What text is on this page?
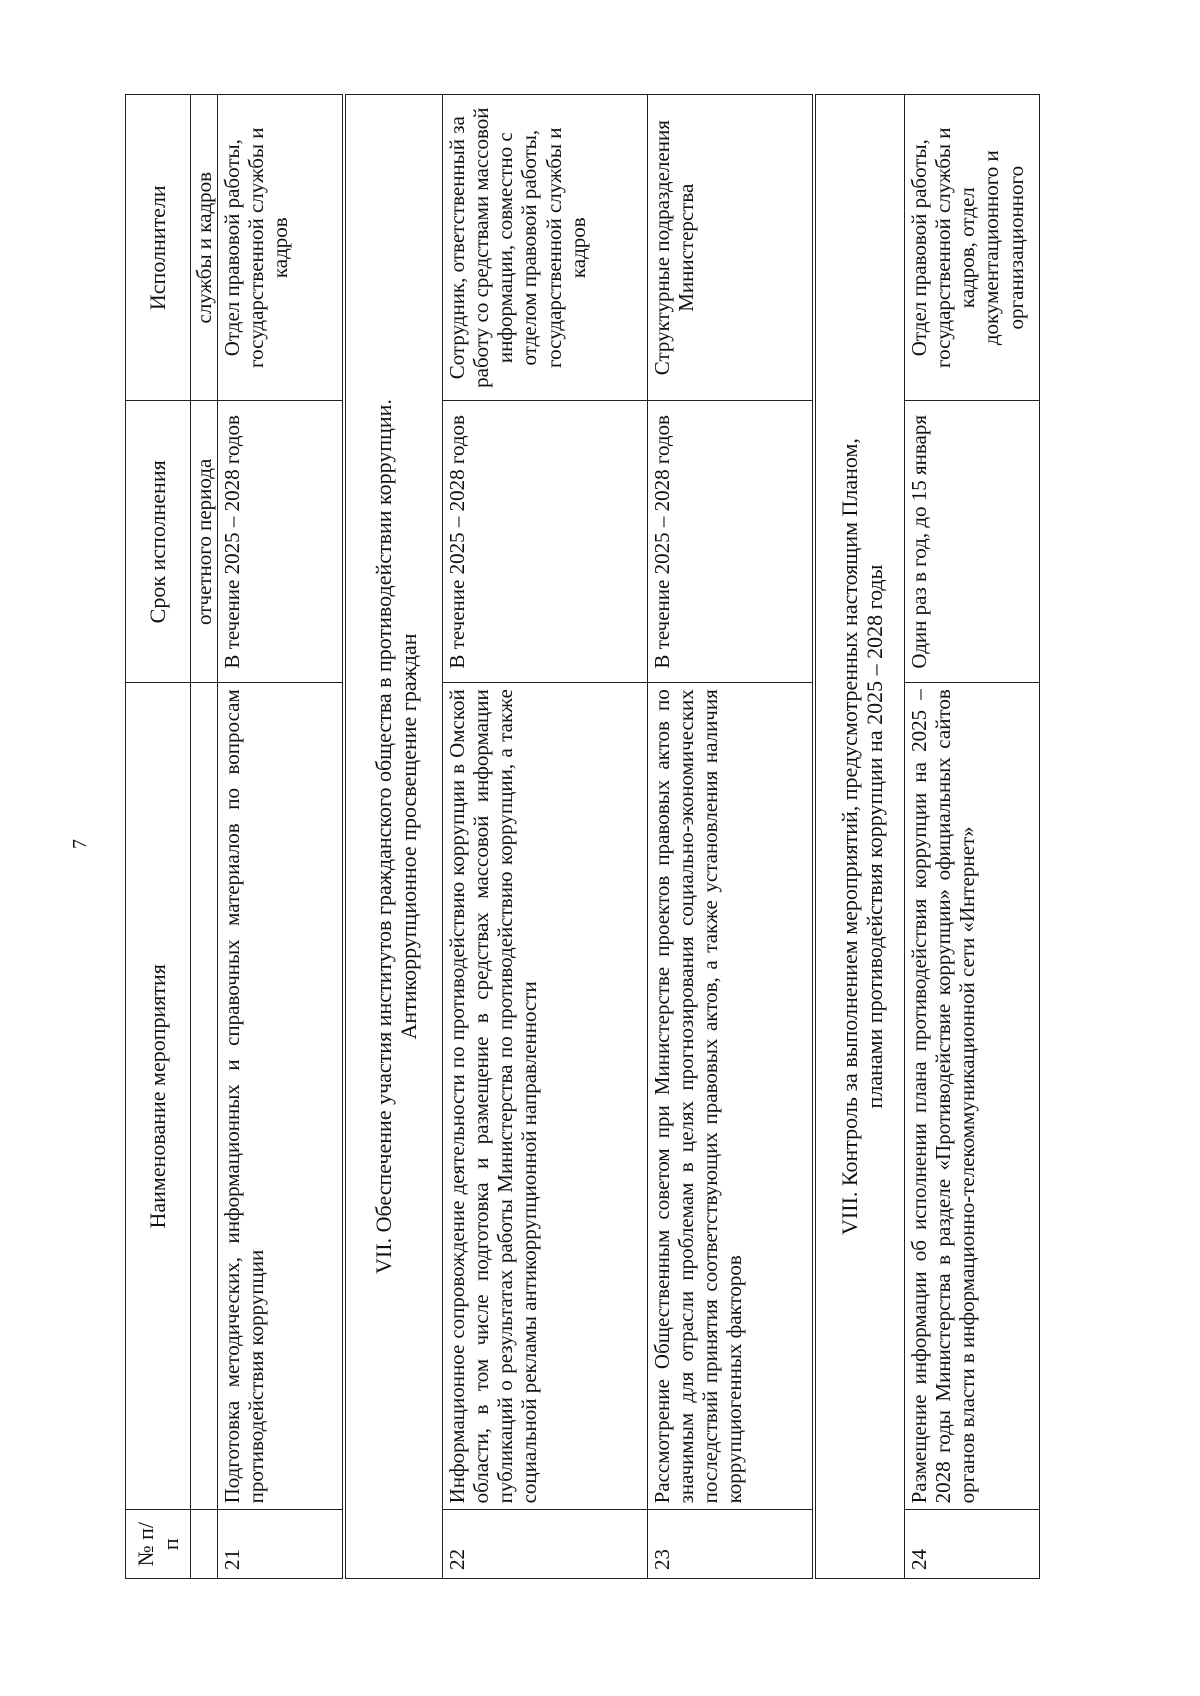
7
№ п/п	Наименование мероприятия	Срок исполнения	Исполнители
		отчетного периода	службы и кадров
21	Подготовка методических, информационных и справочных материалов по вопросам противодействия коррупции	В течение 2025 – 2028 годов	Отдел правовой работы, государственной службы и кадров

VII. Обеспечение участия институтов гражданского общества в противодействии коррупции. Антикоррупционное просвещение граждан			

22	Информационное сопровождение деятельности по противодействию коррупции в Омской области, в том числе подготовка и размещение в средствах массовой информации публикаций о результатах работы Министерства по противодействию коррупции, а также социальной рекламы антикоррупционной направленности	В течение 2025 – 2028 годов	Сотрудник, ответственный за работу со средствами массовой информации, совместно с отделом правовой работы, государственной службы и кадров
23	Рассмотрение Общественным советом при Министерстве проектов правовых актов по значимым для отрасли проблемам в целях прогнозирования социально-экономических последствий принятия соответствующих правовых актов, а также установления наличия коррупциогенных факторов	В течение 2025 – 2028 годов	Структурные подразделения Министерства

VIII. Контроль за выполнением мероприятий, предусмотренных настоящим Планом, планами противодействия коррупции на 2025 – 2028 годы			

24	Размещение информации об исполнении плана противодействия коррупции на 2025 – 2028 годы Министерства в разделе «Противодействие коррупции» официальных сайтов органов власти в информационно-телекоммуникационной сети «Интернет»	Один раз в год, до 15 января	Отдел правовой работы, государственной службы и кадров, отдел документационного и организационного
